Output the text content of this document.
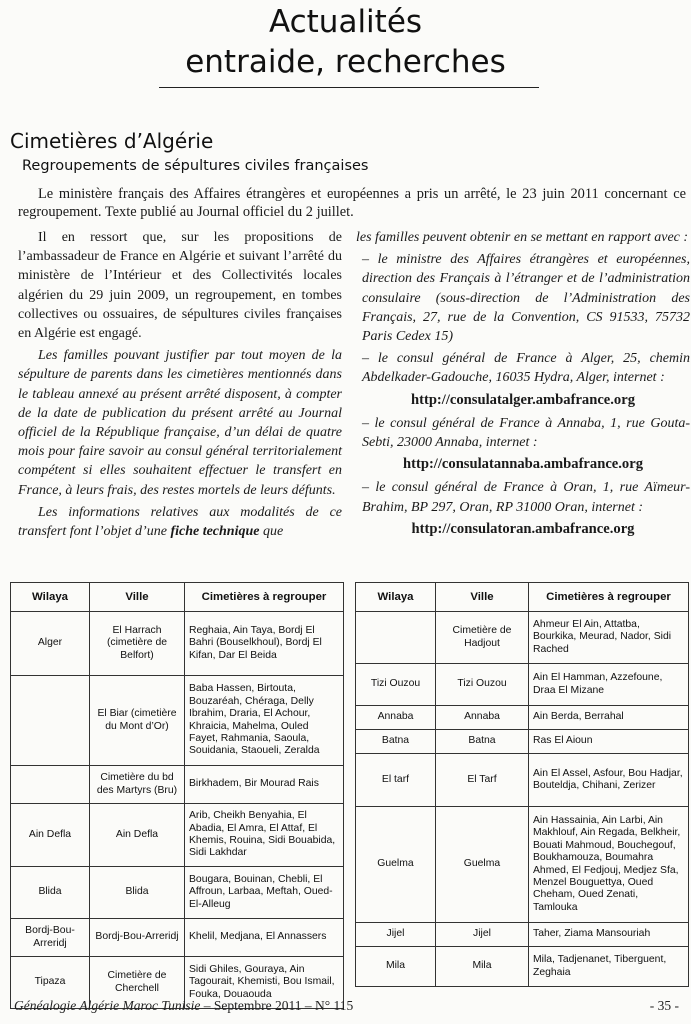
Actualités
entraide, recherches
Cimetières d’Algérie
Regroupements de sépultures civiles françaises

Le ministère français des Affaires étrangères et européennes a pris un arrêté, le 23 juin 2011 concernant ce regroupement. Texte publié au Journal officiel du 2 juillet.

Il en ressort que, sur les propositions de l’ambassadeur de France en Algérie et suivant l’arrêté du ministère de l’Intérieur et des Collectivités locales algérien du 29 juin 2009, un regroupement, en tombes collectives ou ossuaires, de sépultures civiles françaises en Algérie est engagé.

Les familles pouvant justifier par tout moyen de la sépulture de parents dans les cimetières mentionnés dans le tableau annexé au présent arrêté disposent, à compter de la date de publication du présent arrêté au Journal officiel de la République française, d’un délai de quatre mois pour faire savoir au consul général territorialement compétent si elles souhaitent effectuer le transfert en France, à leurs frais, des restes mortels de leurs défunts.

Les informations relatives aux modalités de ce transfert font l’objet d’une fiche technique que

les familles peuvent obtenir en se mettant en rapport avec :

– le ministre des Affaires étrangères et européennes, direction des Français à l’étranger et de l’administration consulaire (sous-direction de l’Administration des Français, 27, rue de la Convention, CS 91533, 75732 Paris Cedex 15)

– le consul général de France à Alger, 25, chemin Abdelkader-Gadouche, 16035 Hydra, Alger, internet :

http://consulatalger.ambafrance.org

– le consul général de France à Annaba, 1, rue Gouta-Sebti, 23000 Annaba, internet :

http://consulatannaba.ambafrance.org

– le consul général de France à Oran, 1, rue Aïmeur-Brahim, BP 297, Oran, RP 31000 Oran, internet :

http://consulatoran.ambafrance.org

Wilaya	Ville	Cimetières à regrouper
Alger	El Harrach (cimetière de Belfort)	Reghaia, Ain Taya, Bordj El Bahri (Bouselkhoul), Bordj El Kifan, Dar El Beida
	El Biar (cimetière du Mont d’Or)	Baba Hassen, Birtouta, Bouzaréah, Chéraga, Delly Ibrahim, Draria, El Achour, Khraicia, Mahelma, Ouled Fayet, Rahmania, Saoula, Souidania, Staoueli, Zeralda
	Cimetière du bd des Martyrs (Bru)	Birkhadem, Bir Mourad Rais
Ain Defla	Ain Defla	Arib, Cheikh Benyahia, El Abadia, El Amra, El Attaf, El Khemis, Rouina, Sidi Bouabida, Sidi Lakhdar
Blida	Blida	Bougara, Bouinan, Chebli, El Affroun, Larbaa, Meftah, Oued-El-Alleug
Bordj-Bou-Arreridj	Bordj-Bou-Arreridj	Khelil, Medjana, El Annassers
Tipaza	Cimetière de Cherchell	Sidi Ghiles, Gouraya, Ain Tagourait, Khemisti, Bou Ismail, Fouka, Douaouda
Wilaya	Ville	Cimetières à regrouper
	Cimetière de Hadjout	Ahmeur El Ain, Attatba, Bourkika, Meurad, Nador, Sidi Rached
Tizi Ouzou	Tizi Ouzou	Ain El Hamman, Azzefoune, Draa El Mizane
Annaba	Annaba	Ain Berda, Berrahal
Batna	Batna	Ras El Aioun
El tarf	El Tarf	Ain El Assel, Asfour, Bou Hadjar, Bouteldja, Chihani, Zerizer
Guelma	Guelma	Ain Hassainia, Ain Larbi, Ain Makhlouf, Ain Regada, Belkheir, Bouati Mahmoud, Bouchegouf, Boukhamouza, Boumahra Ahmed, El Fedjouj, Medjez Sfa, Menzel Bouguettya, Oued Cheham, Oued Zenati, Tamlouka
Jijel	Jijel	Taher, Ziama Mansouriah
Mila	Mila	Mila, Tadjenanet, Tiberguent, Zeghaia
Généalogie Algérie Maroc Tunisie – Septembre 2011 – N° 115	- 35 -
